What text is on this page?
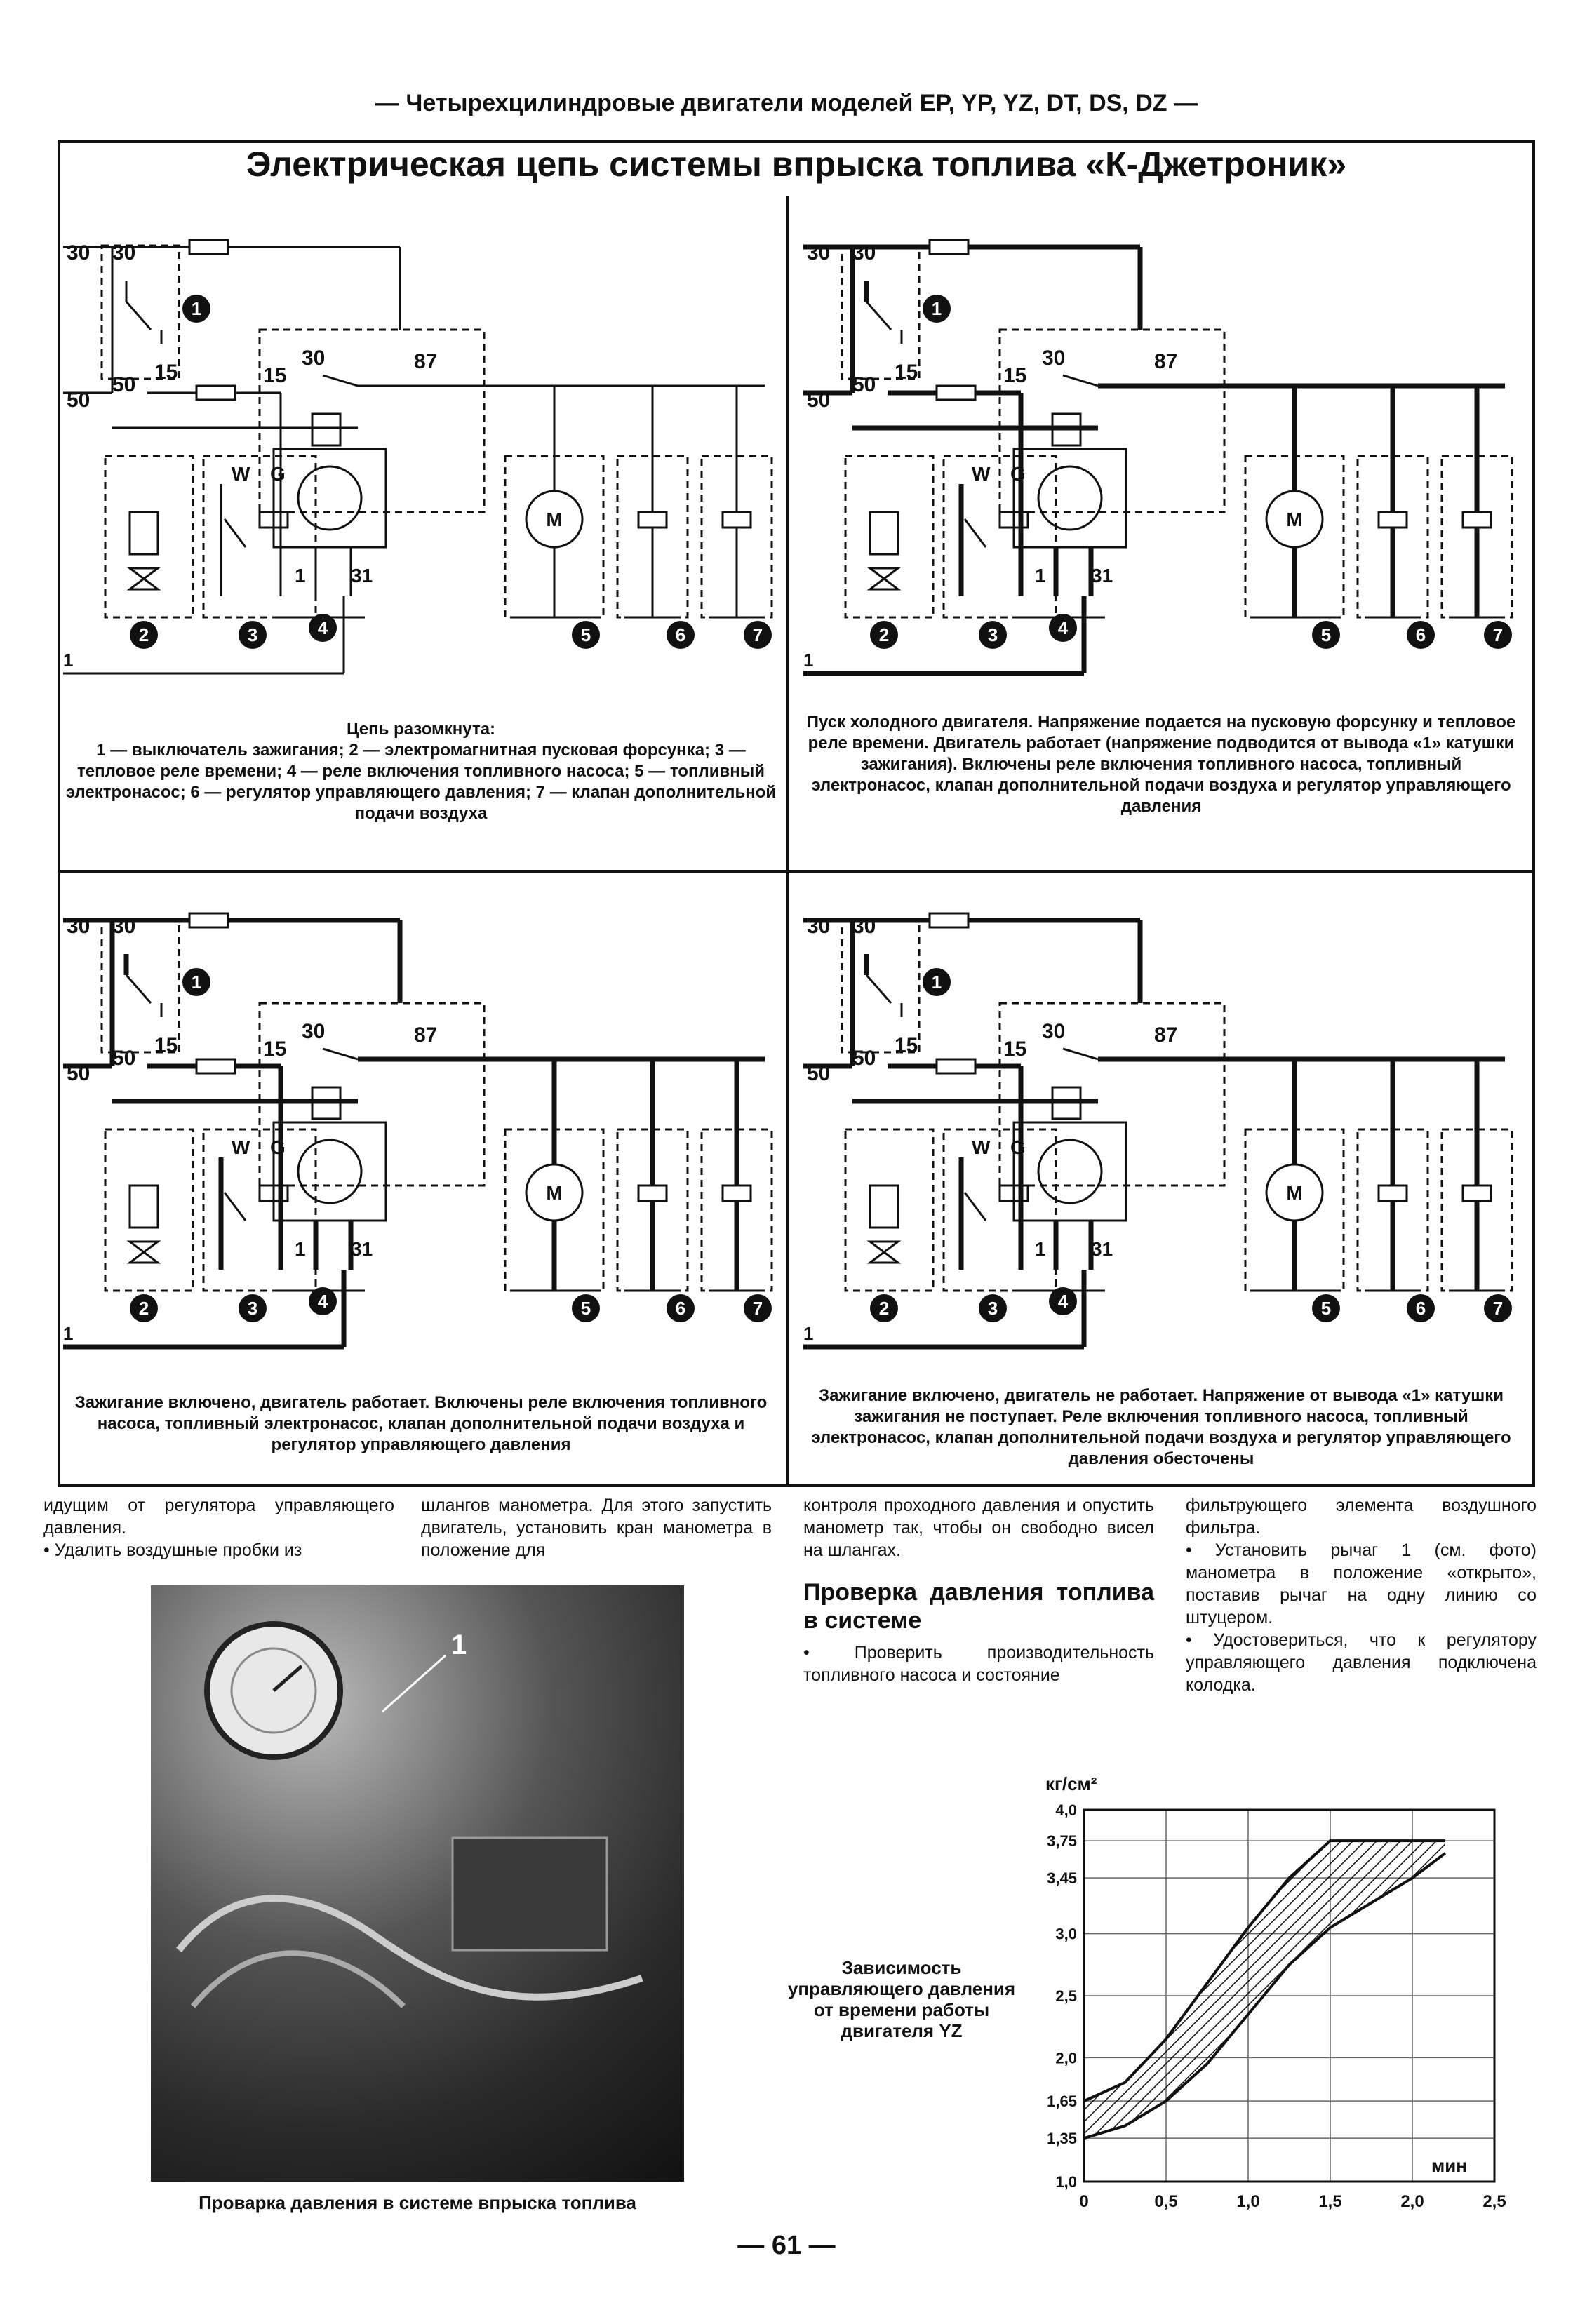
— Четырехцилиндровые двигатели моделей EP, YP, YZ, DT, DS, DZ —
Электрическая цепь системы впрыска топлива «К-Джетроник»
30 30
50
50
15
1
15
30	87
1 31
4
W G
2	3
1
M
5	6	7
30 30
50
50
15
1
15
30	87
1 31
4
W G
2	3
1
M
5	6	7
30 30
50
50
15
1
15
30	87
1 31
4
W G
2	3
1
M
5	6	7
30 30
50
50
15
1
15
30	87
1 31
4
W G
2	3
1
M
5	6	7
Цепь разомкнута:
1 — выключатель зажигания; 2 — электромагнитная пусковая форсунка; 3 — тепловое реле времени; 4 — реле включения топливного насоса; 5 — топливный электронасос; 6 — регулятор управляющего давления; 7 — клапан дополнительной подачи воздуха
Пуск холодного двигателя. Напряжение подается на пусковую форсунку и тепловое реле времени. Двигатель работает (напряжение подводится от вывода «1» катушки зажигания). Включены реле включения топливного насоса, топливный электронасос, клапан дополнительной подачи воздуха и регулятор управляющего давления
Зажигание включено, двигатель работает. Включены реле включения топливного насоса, топливный электронасос, клапан дополнительной подачи воздуха и регулятор управляющего давления
Зажигание включено, двигатель не работает. Напряжение от вывода «1» катушки зажигания не поступает. Реле включения топливного насоса, топливный электронасос, клапан дополнительной подачи воздуха и регулятор управляющего давления обесточены
идущим от регулятора управляющего давления.
• Удалить воздушные пробки из
шлангов манометра. Для этого запустить двигатель, установить кран манометра в положение для
контроля проходного давления и опустить манометр так, чтобы он свободно висел на шлангах.
Проверка давления топлива в системе
• Проверить производительность топливного насоса и состояние
фильтрующего элемента воздушного фильтра.
• Установить рычаг 1 (см. фото) манометра в положение «открыто», поставив рычаг на одну линию со штуцером.
• Удостовериться, что к регулятору управляющего давления подключена колодка.
1
Проварка давления в системе впрыска топлива
Зависимость управляющего давления от времени работы двигателя YZ
0	0,5	1,0	1,5	2,0	2,5
1,0
1,35
1,65
2,0
2,5
3,0
3,45
3,75
4,0
кг/см²
мин
— 61 —
